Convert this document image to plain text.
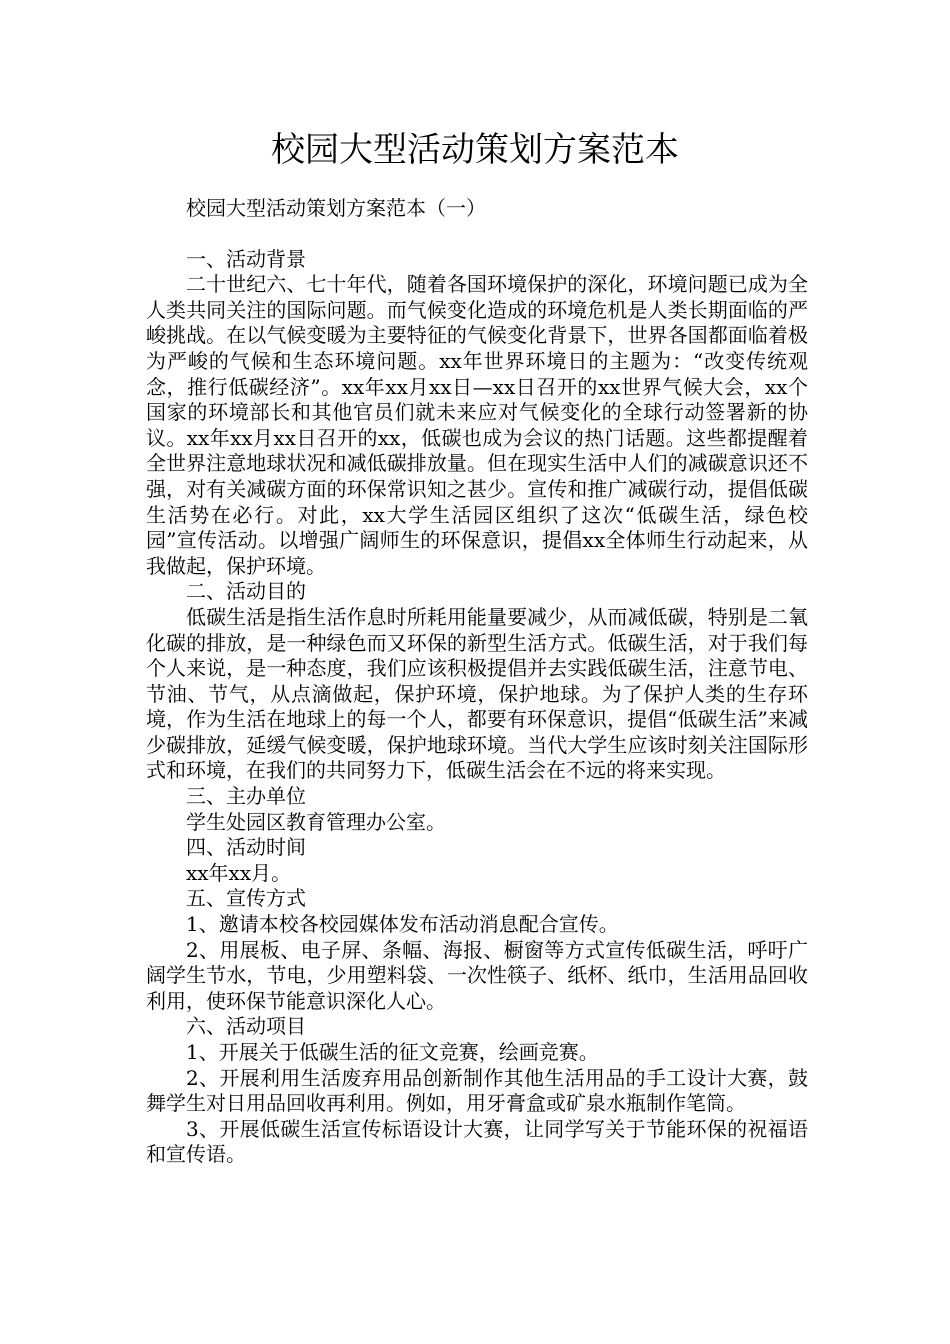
校园大型活动策划方案范本

校园大型活动策划方案范本（一）

一、活动背景

二十世纪六、七十年代，随着各国环境保护的深化，环境问题已成为全人类共同关注的国际问题。而气候变化造成的环境危机是人类长期面临的严峻挑战。在以气候变暖为主要特征的气候变化背景下，世界各国都面临着极为严峻的气候和生态环境问题。xx年世界环境日的主题为：“改变传统观念，推行低碳经济”。xx年xx月xx日—xx日召开的xx世界气候大会，xx个国家的环境部长和其他官员们就未来应对气候变化的全球行动签署新的协议。xx年xx月xx日召开的xx，低碳也成为会议的热门话题。这些都提醒着全世界注意地球状况和减低碳排放量。但在现实生活中人们的减碳意识还不强，对有关减碳方面的环保常识知之甚少。宣传和推广减碳行动，提倡低碳生活势在必行。对此，xx大学生活园区组织了这次“低碳生活，绿色校园”宣传活动。以增强广阔师生的环保意识，提倡xx全体师生行动起来，从我做起，保护环境。

二、活动目的

低碳生活是指生活作息时所耗用能量要减少，从而减低碳，特别是二氧化碳的排放，是一种绿色而又环保的新型生活方式。低碳生活，对于我们每个人来说，是一种态度，我们应该积极提倡并去实践低碳生活，注意节电、节油、节气，从点滴做起，保护环境，保护地球。为了保护人类的生存环境，作为生活在地球上的每一个人，都要有环保意识，提倡“低碳生活”来减少碳排放，延缓气候变暖，保护地球环境。当代大学生应该时刻关注国际形式和环境，在我们的共同努力下，低碳生活会在不远的将来实现。

三、主办单位

学生处园区教育管理办公室。

四、活动时间

xx年xx月。

五、宣传方式

1、邀请本校各校园媒体发布活动消息配合宣传。

2、用展板、电子屏、条幅、海报、橱窗等方式宣传低碳生活，呼吁广阔学生节水，节电，少用塑料袋、一次性筷子、纸杯、纸巾，生活用品回收利用，使环保节能意识深化人心。

六、活动项目

1、开展关于低碳生活的征文竞赛，绘画竞赛。

2、开展利用生活废弃用品创新制作其他生活用品的手工设计大赛，鼓舞学生对日用品回收再利用。例如，用牙膏盒或矿泉水瓶制作笔筒。

3、开展低碳生活宣传标语设计大赛，让同学写关于节能环保的祝福语和宣传语。
